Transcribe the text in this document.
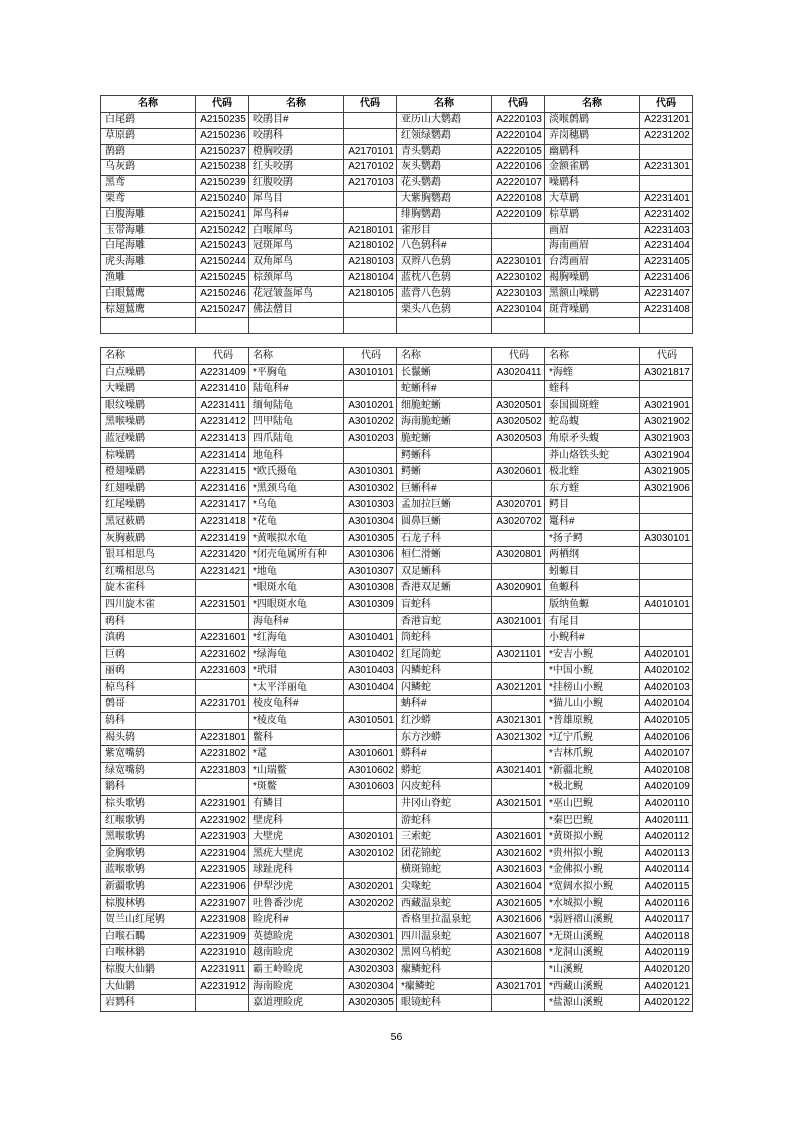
名称	代码	名称	代码	名称	代码	名称	代码
白尾鹞	A2150235	咬鹃目#		亚历山大鹦鹉	A2220103	淡喉鹩鹛	A2231201
草原鹞	A2150236	咬鹃科		红领绿鹦鹉	A2220104	弄岗穗鹛	A2231202
鹊鹞	A2150237	橙胸咬鹃	A2170101	青头鹦鹉	A2220105	幽鹛科	
乌灰鹞	A2150238	红头咬鹃	A2170102	灰头鹦鹉	A2220106	金额雀鹛	A2231301
黑鸢	A2150239	红腹咬鹃	A2170103	花头鹦鹉	A2220107	噪鹛科	
栗鸢	A2150240	犀鸟目		大紫胸鹦鹉	A2220108	大草鹛	A2231401
白腹海雕	A2150241	犀鸟科#		绯胸鹦鹉	A2220109	棕草鹛	A2231402
玉带海雕	A2150242	白喉犀鸟	A2180101	雀形目		画眉	A2231403
白尾海雕	A2150243	冠斑犀鸟	A2180102	八色鸫科#		海南画眉	A2231404
虎头海雕	A2150244	双角犀鸟	A2180103	双辫八色鸫	A2230101	台湾画眉	A2231405
渔雕	A2150245	棕颈犀鸟	A2180104	蓝枕八色鸫	A2230102	褐胸噪鹛	A2231406
白眼鵟鹰	A2150246	花冠皱盔犀鸟	A2180105	蓝背八色鸫	A2230103	黑额山噪鹛	A2231407
棕翅鵟鹰	A2150247	佛法僧目		栗头八色鸫	A2230104	斑背噪鹛	A2231408

名称	代码	名称	代码	名称	代码	名称	代码
白点噪鹛	A2231409	*平胸龟	A3010101	长鬣蜥	A3020411	*海蝰	A3021817
大噪鹛	A2231410	陆龟科#		蛇蜥科#		蝰科	
眼纹噪鹛	A2231411	缅甸陆龟	A3010201	细脆蛇蜥	A3020501	泰国圆斑蝰	A3021901
黑喉噪鹛	A2231412	凹甲陆龟	A3010202	海南脆蛇蜥	A3020502	蛇岛蝮	A3021902
蓝冠噪鹛	A2231413	四爪陆龟	A3010203	脆蛇蜥	A3020503	角原矛头蝮	A3021903
棕噪鹛	A2231414	地龟科		鳄蜥科		莽山烙铁头蛇	A3021904
橙翅噪鹛	A2231415	*欧氏摄龟	A3010301	鳄蜥	A3020601	极北蝰	A3021905
红翅噪鹛	A2231416	*黑颈乌龟	A3010302	巨蜥科#		东方蝰	A3021906
红尾噪鹛	A2231417	*乌龟	A3010303	孟加拉巨蜥	A3020701	鳄目	
黑冠薮鹛	A2231418	*花龟	A3010304	圆鼻巨蜥	A3020702	鼍科#	
灰胸薮鹛	A2231419	*黄喉拟水龟	A3010305	石龙子科		*扬子鳄	A3030101
银耳相思鸟	A2231420	*闭壳龟属所有种	A3010306	桓仁滑蜥	A3020801	两栖纲	
红嘴相思鸟	A2231421	*地龟	A3010307	双足蜥科		蚓螈目	
旋木雀科		*眼斑水龟	A3010308	香港双足蜥	A3020901	鱼螈科	
四川旋木雀	A2231501	*四眼斑水龟	A3010309	盲蛇科		版纳鱼螈	A4010101
䴓科		海龟科#		香港盲蛇	A3021001	有尾目	
滇䴓	A2231601	*红海龟	A3010401	筒蛇科		小鲵科#	
巨䴓	A2231602	*绿海龟	A3010402	红尾筒蛇	A3021101	*安吉小鲵	A4020101
丽䴓	A2231603	*玳瑁	A3010403	闪鳞蛇科		*中国小鲵	A4020102
椋鸟科		*太平洋丽龟	A3010404	闪鳞蛇	A3021201	*挂榜山小鲵	A4020103
鹩哥	A2231701	棱皮龟科#		蚺科#		*猫儿山小鲵	A4020104
鸫科		*棱皮龟	A3010501	红沙蟒	A3021301	*普雄原鲵	A4020105
褐头鸫	A2231801	鳖科		东方沙蟒	A3021302	*辽宁爪鲵	A4020106
紫宽嘴鸫	A2231802	*鼋	A3010601	蟒科#		*吉林爪鲵	A4020107
绿宽嘴鸫	A2231803	*山瑞鳖	A3010602	蟒蛇	A3021401	*新疆北鲵	A4020108
鹟科		*斑鳖	A3010603	闪皮蛇科		*极北鲵	A4020109
棕头歌鸲	A2231901	有鳞目		井冈山脊蛇	A3021501	*巫山巴鲵	A4020110
红喉歌鸲	A2231902	壁虎科		游蛇科		*秦巴巴鲵	A4020111
黑喉歌鸲	A2231903	大壁虎	A3020101	三索蛇	A3021601	*黄斑拟小鲵	A4020112
金胸歌鸲	A2231904	黑疣大壁虎	A3020102	团花锦蛇	A3021602	*贵州拟小鲵	A4020113
蓝喉歌鸲	A2231905	球趾虎科		横斑锦蛇	A3021603	*金佛拟小鲵	A4020114
新疆歌鸲	A2231906	伊犁沙虎	A3020201	尖喙蛇	A3021604	*宽阔水拟小鲵	A4020115
棕腹林鸲	A2231907	吐鲁番沙虎	A3020202	西藏温泉蛇	A3021605	*水城拟小鲵	A4020116
贺兰山红尾鸲	A2231908	睑虎科#		香格里拉温泉蛇	A3021606	*弱唇褶山溪鲵	A4020117
白喉石䳭	A2231909	英德睑虎	A3020301	四川温泉蛇	A3021607	*无斑山溪鲵	A4020118
白喉林鹟	A2231910	越南睑虎	A3020302	黑网乌梢蛇	A3021608	*龙洞山溪鲵	A4020119
棕腹大仙鹟	A2231911	霸王岭睑虎	A3020303	瘰鳞蛇科		*山溪鲵	A4020120
大仙鹟	A2231912	海南睑虎	A3020304	*瘰鳞蛇	A3021701	*西藏山溪鲵	A4020121
岩鹨科		嘉道理睑虎	A3020305	眼镜蛇科		*盐源山溪鲵	A4020122
56
